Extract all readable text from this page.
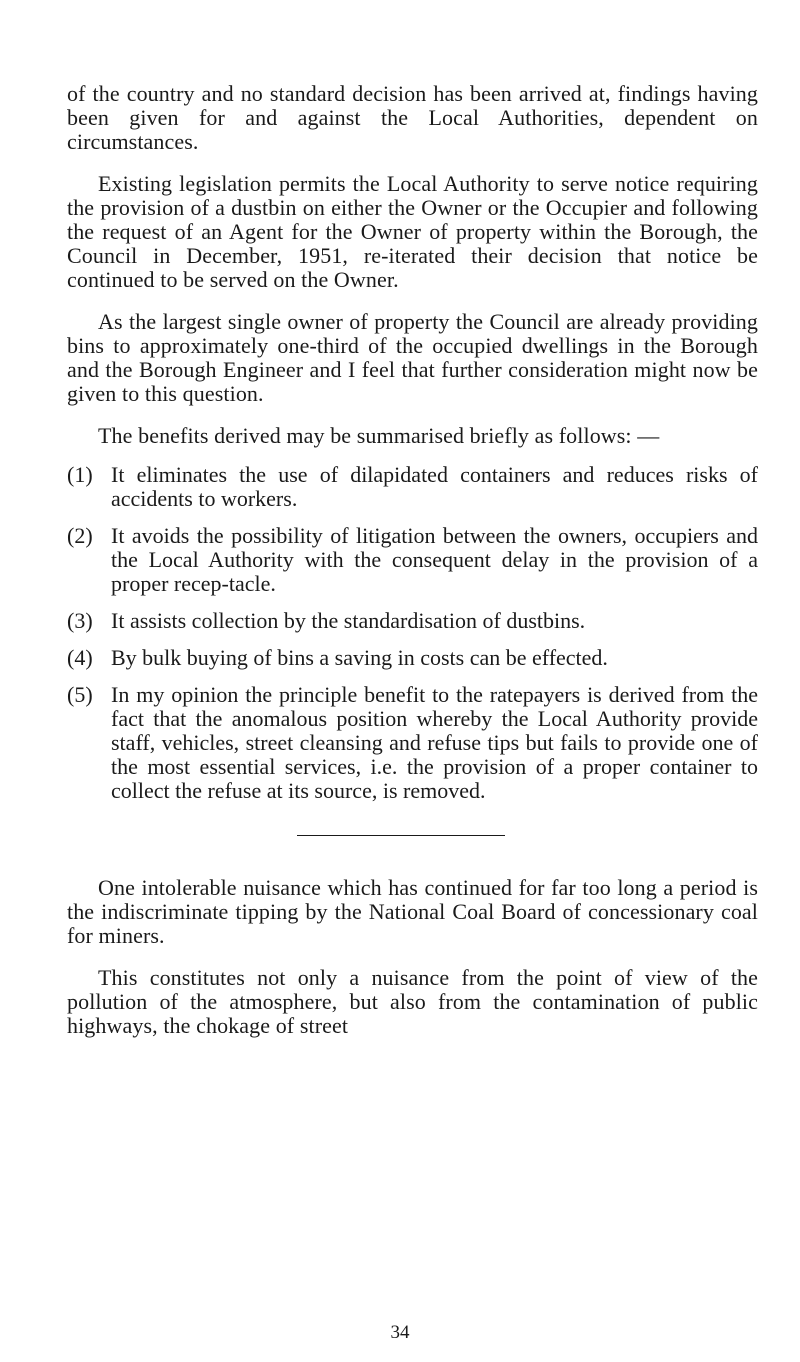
of the country and no standard decision has been arrived at, findings having been given for and against the Local Authorities, dependent on circumstances.

Existing legislation permits the Local Authority to serve notice requiring the provision of a dustbin on either the Owner or the Occupier and following the request of an Agent for the Owner of property within the Borough, the Council in December, 1951, re-iterated their decision that notice be continued to be served on the Owner.

As the largest single owner of property the Council are already providing bins to approximately one-third of the occupied dwellings in the Borough and the Borough Engineer and I feel that further consideration might now be given to this question.

The benefits derived may be summarised briefly as follows: —

(1) It eliminates the use of dilapidated containers and reduces risks of accidents to workers.
(2) It avoids the possibility of litigation between the owners, occupiers and the Local Authority with the consequent delay in the provision of a proper recep-tacle.
(3) It assists collection by the standardisation of dustbins.
(4) By bulk buying of bins a saving in costs can be effected.
(5) In my opinion the principle benefit to the ratepayers is derived from the fact that the anomalous position whereby the Local Authority provide staff, vehicles, street cleansing and refuse tips but fails to provide one of the most essential services, i.e. the provision of a proper container to collect the refuse at its source, is removed.

One intolerable nuisance which has continued for far too long a period is the indiscriminate tipping by the National Coal Board of concessionary coal for miners.

This constitutes not only a nuisance from the point of view of the pollution of the atmosphere, but also from the contamination of public highways, the chokage of street

34
